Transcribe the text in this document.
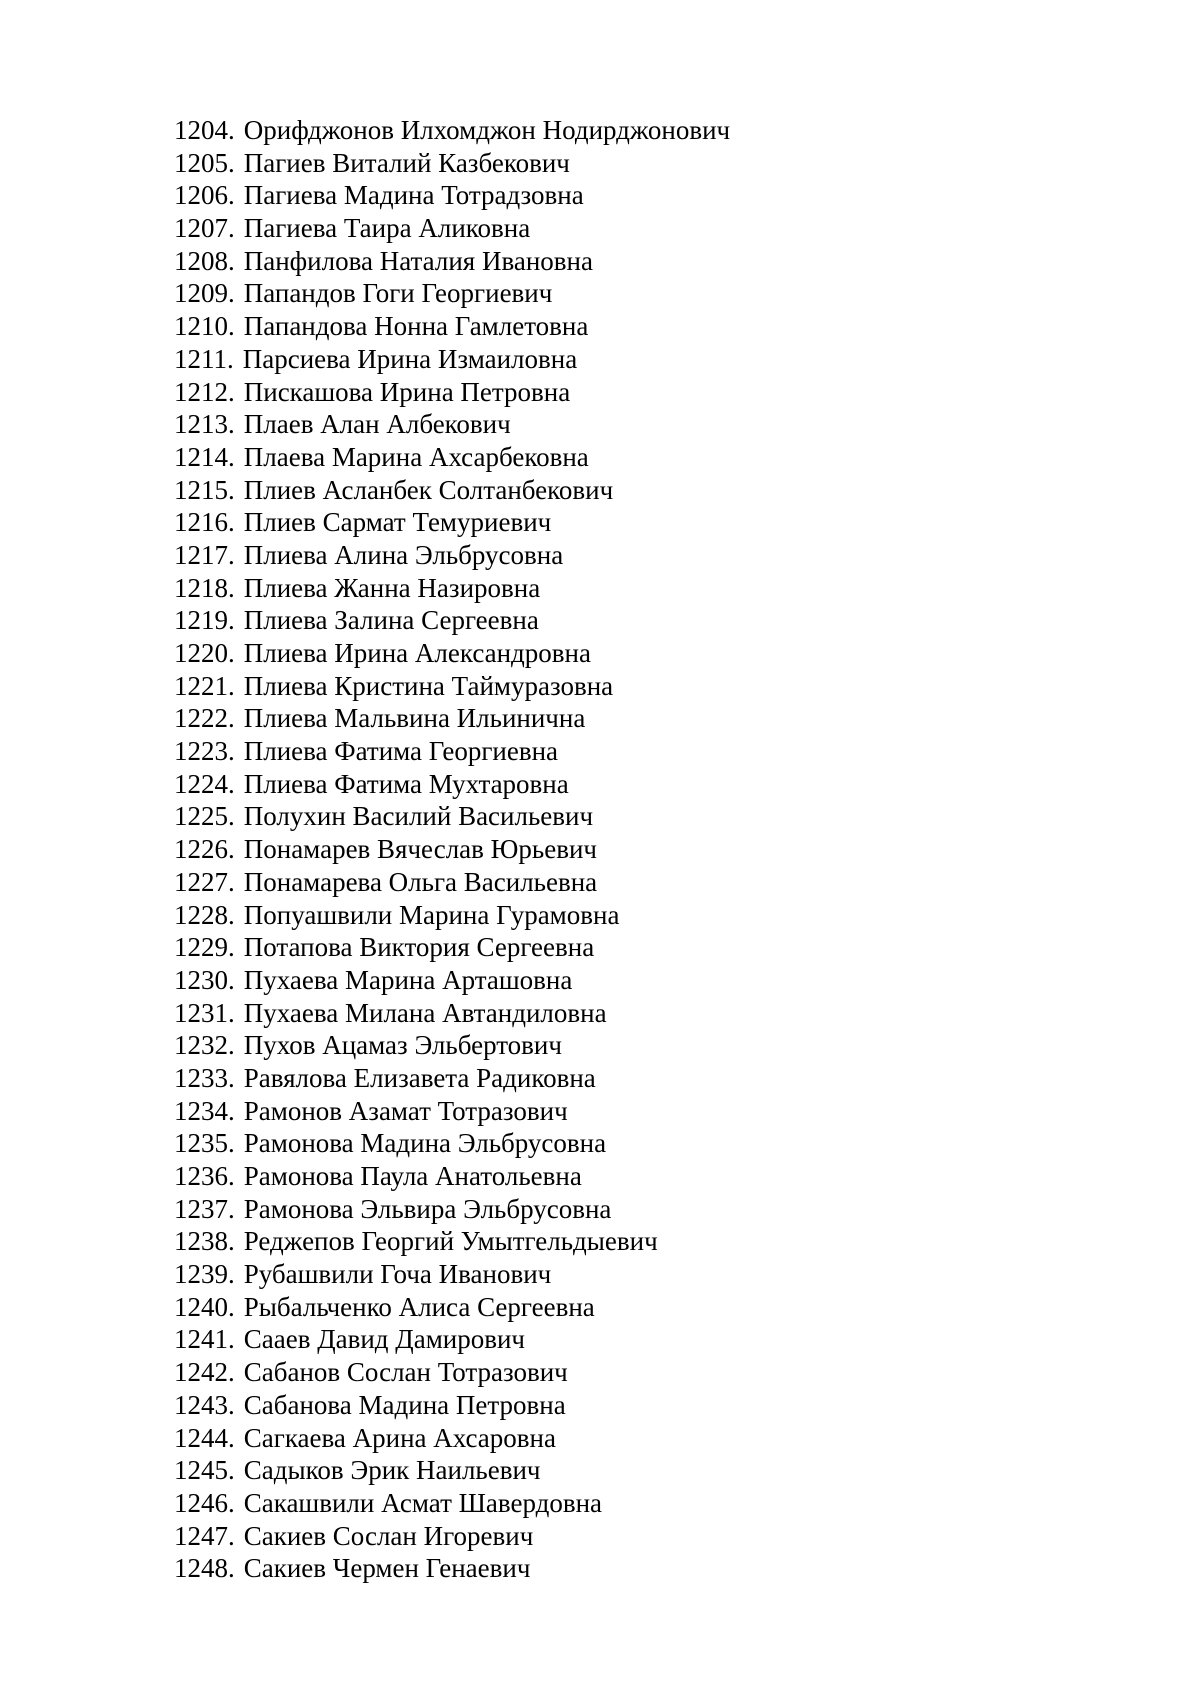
1204. Орифджонов Илхомджон Нодирджонович
1205. Пагиев Виталий Казбекович
1206. Пагиева Мадина Тотрадзовна
1207. Пагиева Таира Аликовна
1208. Панфилова Наталия Ивановна
1209. Папандов Гоги Георгиевич
1210. Папандова Нонна Гамлетовна
1211. Парсиева Ирина Измаиловна
1212. Пискашова Ирина Петровна
1213. Плаев Алан Албекович
1214. Плаева Марина Ахсарбековна
1215. Плиев Асланбек Солтанбекович
1216. Плиев Сармат Темуриевич
1217. Плиева Алина Эльбрусовна
1218. Плиева Жанна Назировна
1219. Плиева Залина Сергеевна
1220. Плиева Ирина Александровна
1221. Плиева Кристина Таймуразовна
1222. Плиева Мальвина Ильинична
1223. Плиева Фатима Георгиевна
1224. Плиева Фатима Мухтаровна
1225. Полухин Василий Васильевич
1226. Понамарев Вячеслав Юрьевич
1227. Понамарева Ольга Васильевна
1228. Попуашвили Марина Гурамовна
1229. Потапова Виктория Сергеевна
1230. Пухаева Марина Арташовна
1231. Пухаева Милана Автандиловна
1232. Пухов Ацамаз Эльбертович
1233. Равялова Елизавета Радиковна
1234. Рамонов Азамат Тотразович
1235. Рамонова Мадина Эльбрусовна
1236. Рамонова Паула Анатольевна
1237. Рамонова Эльвира Эльбрусовна
1238. Реджепов Георгий Умытгельдыевич
1239. Рубашвили Гоча Иванович
1240. Рыбальченко Алиса Сергеевна
1241. Сааев Давид Дамирович
1242. Сабанов Сослан Тотразович
1243. Сабанова Мадина Петровна
1244. Сагкаева Арина Ахсаровна
1245. Садыков Эрик Наильевич
1246. Сакашвили Асмат Шавердовна
1247. Сакиев Сослан Игоревич
1248. Сакиев Чермен Генаевич
